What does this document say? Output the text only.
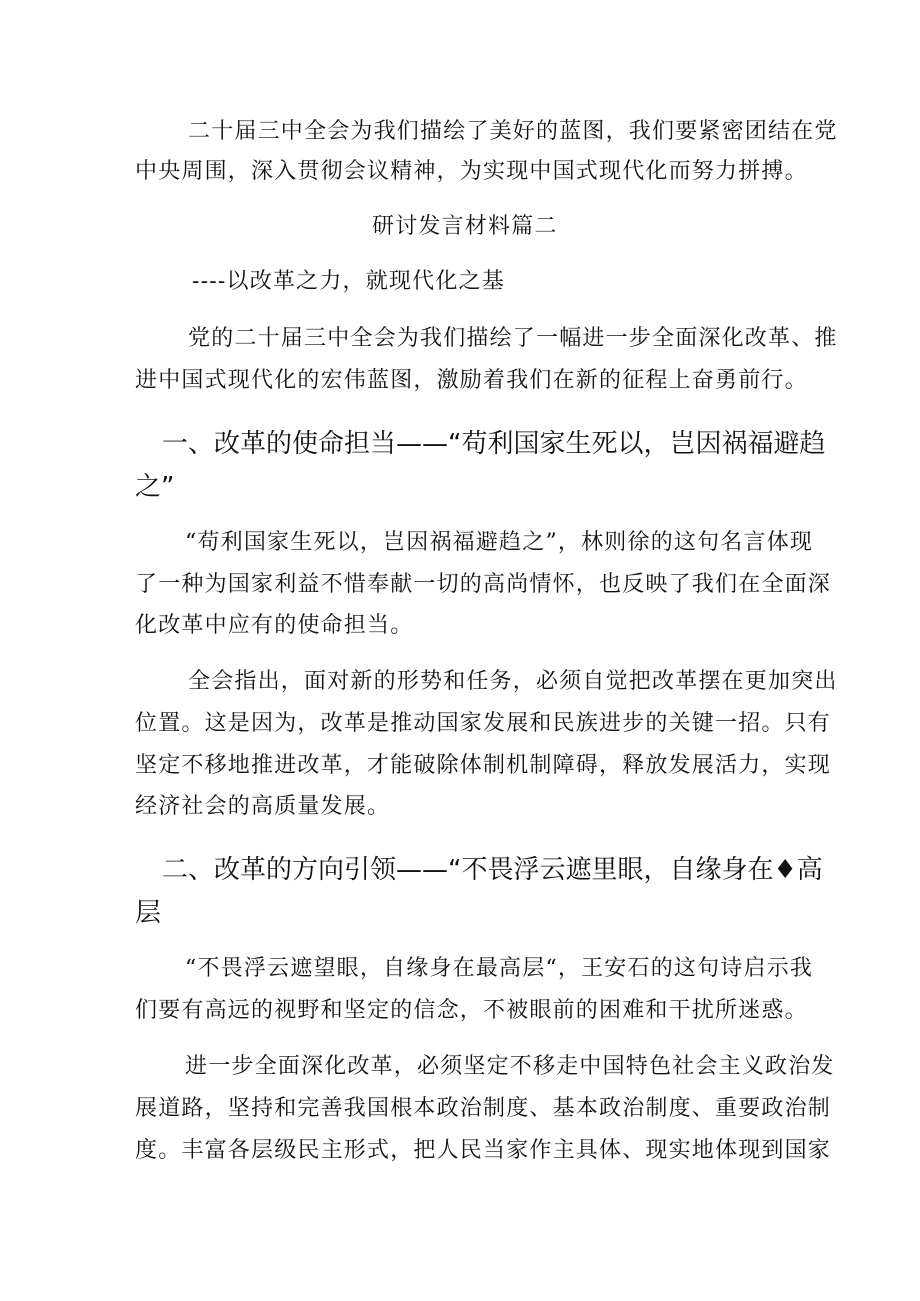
二十届三中全会为我们描绘了美好的蓝图，我们要紧密团结在党
中央周围，深入贯彻会议精神，为实现中国式现代化而努力拼搏。
研讨发言材料篇二
----以改革之力，就现代化之基
党的二十届三中全会为我们描绘了一幅进一步全面深化改革、推
进中国式现代化的宏伟蓝图，激励着我们在新的征程上奋勇前行。
一、改革的使命担当——“苟利国家生死以，岂因祸福避趋
之”
“苟利国家生死以，岂因祸福避趋之”，林则徐的这句名言体现
了一种为国家利益不惜奉献一切的高尚情怀，也反映了我们在全面深
化改革中应有的使命担当。
全会指出，面对新的形势和任务，必须自觉把改革摆在更加突出
位置。这是因为，改革是推动国家发展和民族进步的关键一招。只有
坚定不移地推进改革，才能破除体制机制障碍，释放发展活力，实现
经济社会的高质量发展。
二、改革的方向引领——“不畏浮云遮里眼，自缘身在♦高
层
“不畏浮云遮望眼，自缘身在最高层“，王安石的这句诗启示我
们要有高远的视野和坚定的信念，不被眼前的困难和干扰所迷惑。
进一步全面深化改革，必须坚定不移走中国特色社会主义政治发
展道路，坚持和完善我国根本政治制度、基本政治制度、重要政治制
度。丰富各层级民主形式，把人民当家作主具体、现实地体现到国家
